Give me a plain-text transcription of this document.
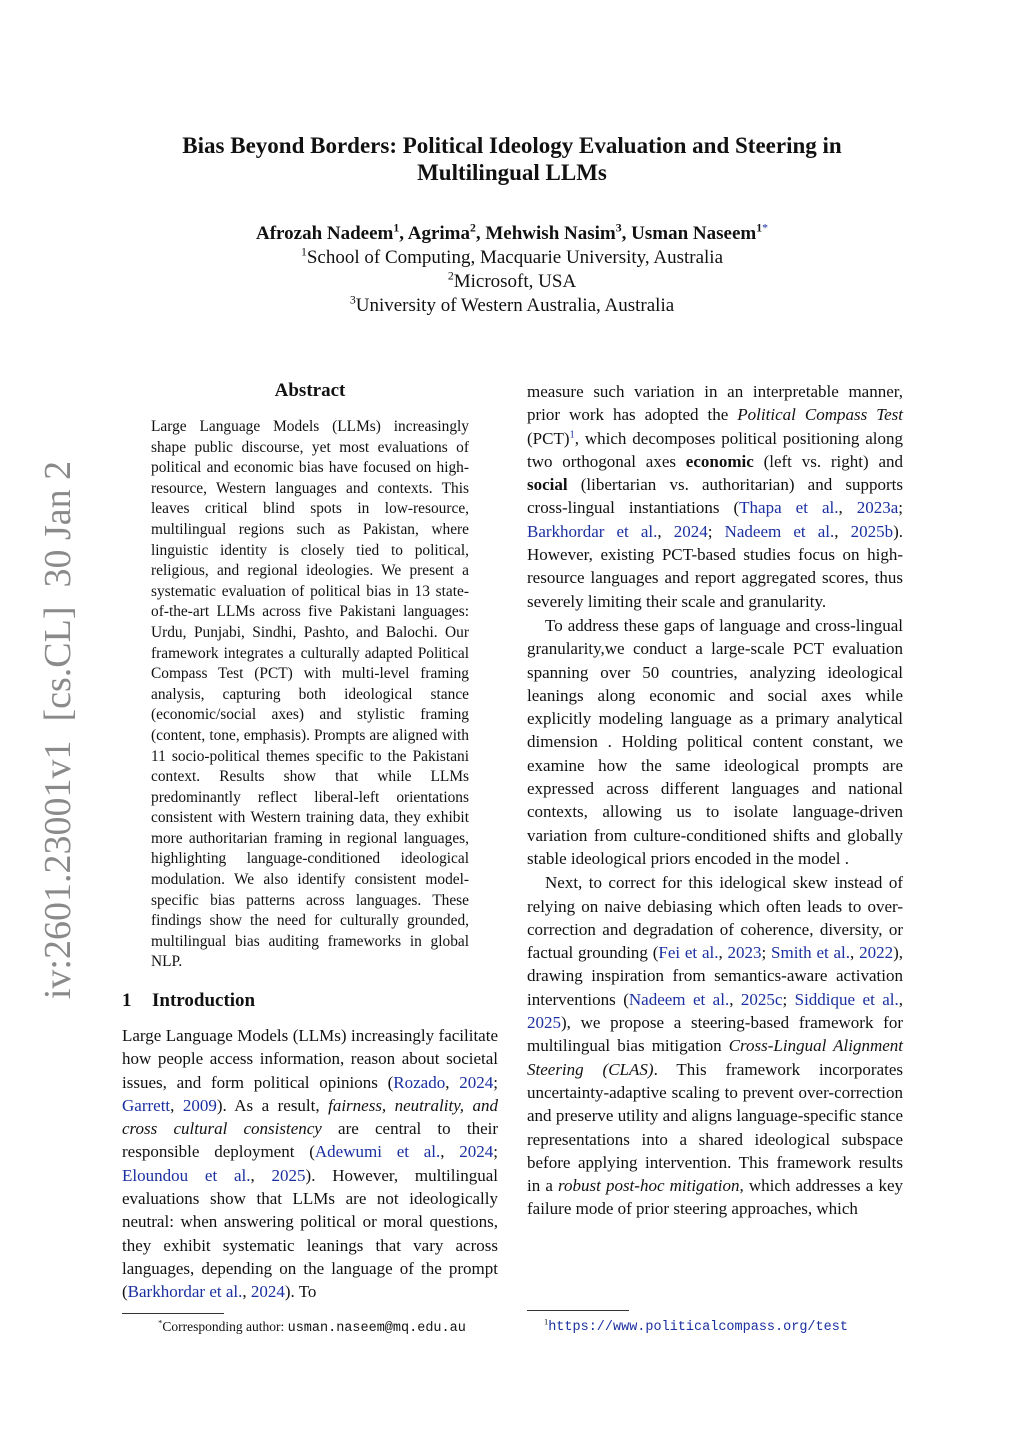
arXiv:2601.23001v1  [cs.CL]  30 Jan 2026
Bias Beyond Borders: Political Ideology Evaluation and Steering in
Multilingual LLMs
Afrozah Nadeem$^1$, Agrima$^2$, Mehwish Nasim$^3$, Usman Naseem$^{1*}$
$^1$School of Computing, Macquarie University, Australia
$^2$Microsoft, USA
$^3$University of Western Australia, Australia
Abstract
Large Language Models (LLMs) increasingly shape public discourse, yet most evaluations of political and economic bias have focused on high-resource, Western languages and contexts. This leaves critical blind spots in low-resource, multilingual regions such as Pakistan, where linguistic identity is closely tied to political, religious, and regional ideologies. We present a systematic evaluation of political bias in 13 state-of-the-art LLMs across five Pakistani languages: Urdu, Punjabi, Sindhi, Pashto, and Balochi. Our framework integrates a culturally adapted Political Compass Test (PCT) with multi-level framing analysis, capturing both ideological stance (economic/social axes) and stylistic framing (content, tone, emphasis). Prompts are aligned with 11 socio-political themes specific to the Pakistani context. Results show that while LLMs predominantly reflect liberal-left orientations consistent with Western training data, they exhibit more authoritarian framing in regional languages, highlighting language-conditioned ideological modulation. We also identify consistent model-specific bias patterns across languages. These findings show the need for culturally grounded, multilingual bias auditing frameworks in global NLP.
1 Introduction
Large Language Models (LLMs) increasingly facilitate how people access information, reason about societal issues, and form political opinions (Rozado, 2024; Garrett, 2009). As a result, fairness, neutrality, and cross cultural consistency are central to their responsible deployment (Adewumi et al., 2024; Eloundou et al., 2025). However, multilingual evaluations show that LLMs are not ideologically neutral: when answering political or moral questions, they exhibit systematic leanings that vary across languages, depending on the language of the prompt (Barkhordar et al., 2024). To
*Corresponding author: usman.naseem@mq.edu.au

measure such variation in an interpretable manner, prior work has adopted the Political Compass Test (PCT)$^1$, which decomposes political positioning along two orthogonal axes economic (left vs. right) and social (libertarian vs. authoritarian) and supports cross-lingual instantiations (Thapa et al., 2023a; Barkhordar et al., 2024; Nadeem et al., 2025b). However, existing PCT-based studies focus on high-resource languages and report aggregated scores, thus severely limiting their scale and granularity.

To address these gaps of language and cross-lingual granularity,we conduct a large-scale PCT evaluation spanning over 50 countries, analyzing ideological leanings along economic and social axes while explicitly modeling language as a primary analytical dimension . Holding political content constant, we examine how the same ideological prompts are expressed across different languages and national contexts, allowing us to isolate language-driven variation from culture-conditioned shifts and globally stable ideological priors encoded in the model .

Next, to correct for this idelogical skew instead of relying on naive debiasing which often leads to over-correction and degradation of coherence, diversity, or factual grounding (Fei et al., 2023; Smith et al., 2022), drawing inspiration from semantics-aware activation interventions (Nadeem et al., 2025c; Siddique et al., 2025), we propose a steering-based framework for multilingual bias mitigation Cross-Lingual Alignment Steering (CLAS). This framework incorporates uncertainty-adaptive scaling to prevent over-correction and preserve utility and aligns language-specific stance representations into a shared ideological subspace before applying intervention. This framework results in a robust post-hoc mitigation, which addresses a key failure mode of prior steering approaches, which

$^1$https://www.politicalcompass.org/test
